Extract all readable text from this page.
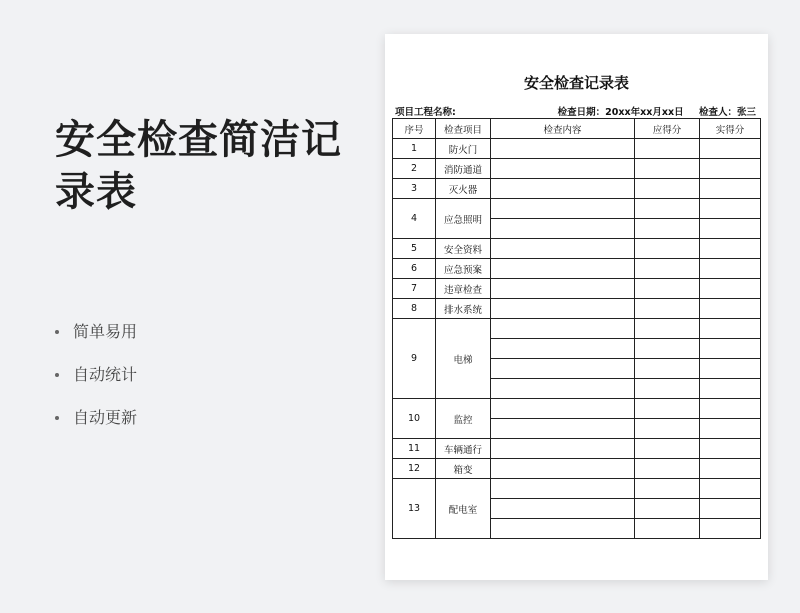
安全检查简洁记录表
简单易用
自动统计
自动更新
安全检查记录表
项目工程名称:	检查日期：20xx年xx月xx日 检查人：张三
序号	检查项目	检查内容	应得分	实得分
1	防火门			
2	消防通道			
3	灭火器			
4	应急照明			

5	安全资料			
6	应急预案			
7	违章检查			
8	排水系统			
9	电梯			

10	监控			

11	车辆通行			
12	箱变			
13	配电室			
